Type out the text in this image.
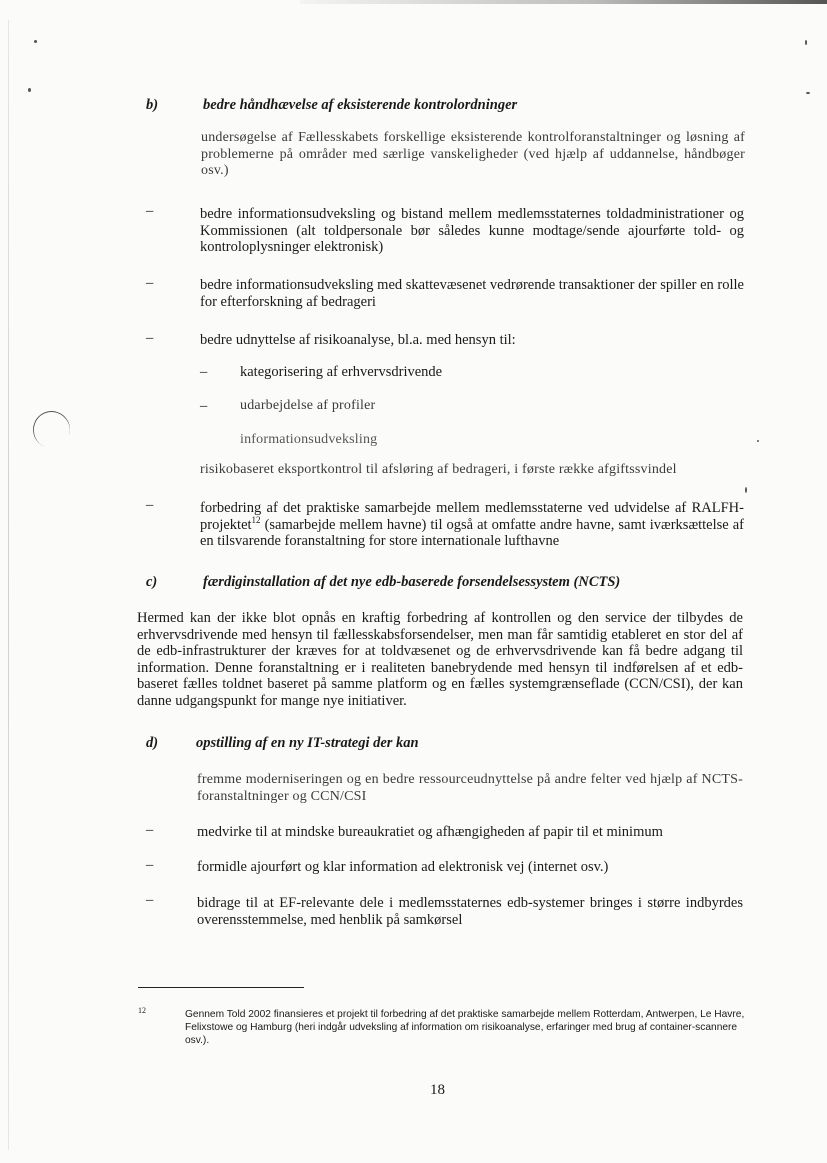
b)	bedre håndhævelse af eksisterende kontrolordninger
undersøgelse af Fællesskabets forskellige eksisterende kontrolforanstaltninger og løsning af problemerne på områder med særlige vanskeligheder (ved hjælp af uddannelse, håndbøger osv.)
–	bedre informationsudveksling og bistand mellem medlemsstaternes toldadministrationer og Kommissionen (alt toldpersonale bør således kunne modtage/sende ajourførte told- og kontroloplysninger elektronisk)
–	bedre informationsudveksling med skattevæsenet vedrørende transaktioner der spiller en rolle for efterforskning af bedrageri
–	bedre udnyttelse af risikoanalyse, bl.a. med hensyn til:
– kategorisering af erhvervsdrivende
– udarbejdelse af profiler
informationsudveksling
risikobaseret eksportkontrol til afsløring af bedrageri, i første række afgiftssvindel
–	forbedring af det praktiske samarbejde mellem medlemsstaterne ved udvidelse af RALFH-projektet$^{12}$ (samarbejde mellem havne) til også at omfatte andre havne, samt iværksættelse af en tilsvarende foranstaltning for store internationale lufthavne
c)	færdiginstallation af det nye edb-baserede forsendelsessystem (NCTS)
Hermed kan der ikke blot opnås en kraftig forbedring af kontrollen og den service der tilbydes de erhvervsdrivende med hensyn til fællesskabsforsendelser, men man får samtidig etableret en stor del af de edb-infrastrukturer der kræves for at toldvæsenet og de erhvervsdrivende kan få bedre adgang til information. Denne foranstaltning er i realiteten banebrydende med hensyn til indførelsen af et edb-baseret fælles toldnet baseret på samme platform og en fælles systemgrænseflade (CCN/CSI), der kan danne udgangspunkt for mange nye initiativer.
d)	opstilling af en ny IT-strategi der kan
fremme moderniseringen og en bedre ressourceudnyttelse på andre felter ved hjælp af NCTS-foranstaltninger og CCN/CSI
–	medvirke til at mindske bureaukratiet og afhængigheden af papir til et minimum
–	formidle ajourført og klar information ad elektronisk vej (internet osv.)
–	bidrage til at EF-relevante dele i medlemsstaternes edb-systemer bringes i større indbyrdes overensstemmelse, med henblik på samkørsel
12	Gennem Told 2002 finansieres et projekt til forbedring af det praktiske samarbejde mellem Rotterdam, Antwerpen, Le Havre, Felixstowe og Hamburg (heri indgår udveksling af information om risikoanalyse, erfaringer med brug af container-scannere osv.).
18
